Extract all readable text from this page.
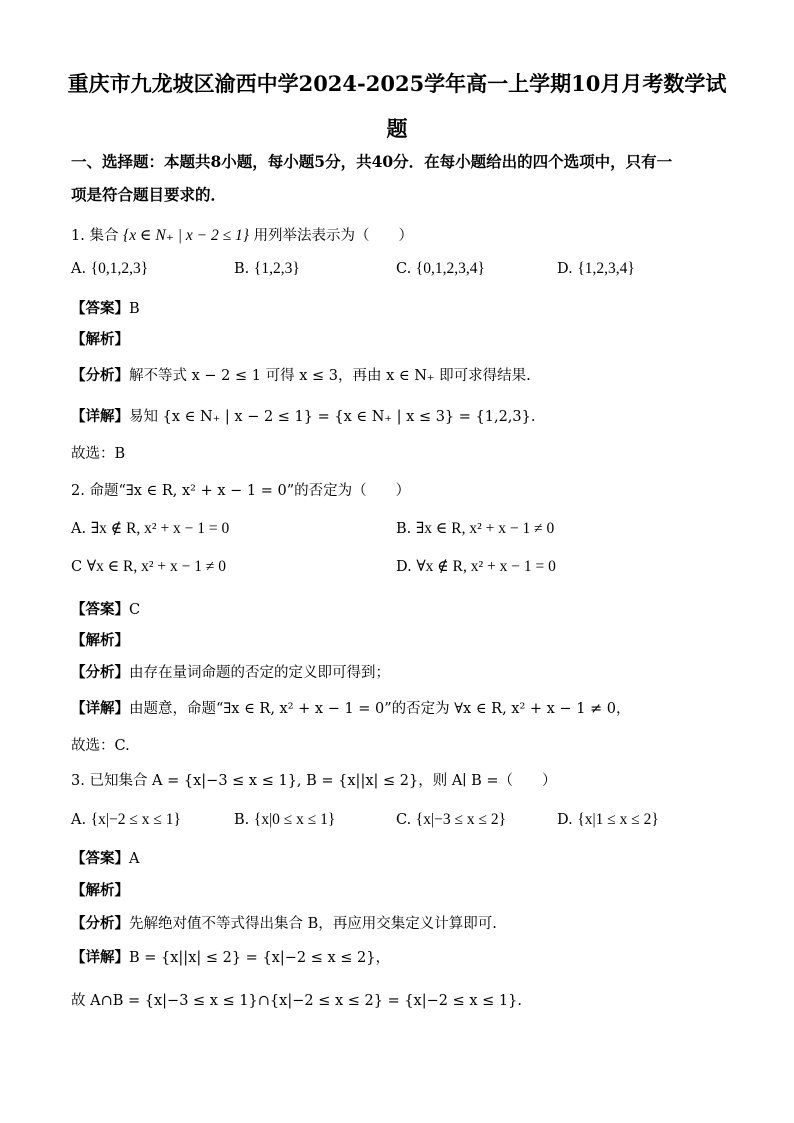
重庆市九龙坡区渝西中学2024-2025学年高一上学期10月月考数学试
题
一、选择题：本题共8小题，每小题5分，共40分．在每小题给出的四个选项中，只有一
项是符合题目要求的．
1. 集合 {x ∈ N₊ | x − 2 ≤ 1} 用列举法表示为（　　）
A. {0,1,2,3}	B. {1,2,3}	C. {0,1,2,3,4}	D. {1,2,3,4}
【答案】B
【解析】
【分析】解不等式 x − 2 ≤ 1 可得 x ≤ 3，再由 x ∈ N₊ 即可求得结果.
【详解】易知 {x ∈ N₊ | x − 2 ≤ 1} = {x ∈ N₊ | x ≤ 3} = {1,2,3}.
故选：B
2. 命题“∃x ∈ R, x² + x − 1 = 0”的否定为（　　）
A. ∃x ∉ R, x² + x − 1 = 0	B. ∃x ∈ R, x² + x − 1 ≠ 0
C ∀x ∈ R, x² + x − 1 ≠ 0	D. ∀x ∉ R, x² + x − 1 = 0
【答案】C
【解析】
【分析】由存在量词命题的否定的定义即可得到；
【详解】由题意，命题“∃x ∈ R, x² + x − 1 = 0”的否定为 ∀x ∈ R, x² + x − 1 ≠ 0，
故选：C.
3. 已知集合 A = {x|−3 ≤ x ≤ 1}, B = {x||x| ≤ 2}，则 A∣ B =（　　）
A. {x|−2 ≤ x ≤ 1}	B. {x|0 ≤ x ≤ 1}	C. {x|−3 ≤ x ≤ 2}	D. {x|1 ≤ x ≤ 2}
【答案】A
【解析】
【分析】先解绝对值不等式得出集合 B，再应用交集定义计算即可.
【详解】B = {x||x| ≤ 2} = {x|−2 ≤ x ≤ 2}，
故 A∩B = {x|−3 ≤ x ≤ 1}∩{x|−2 ≤ x ≤ 2} = {x|−2 ≤ x ≤ 1}.
